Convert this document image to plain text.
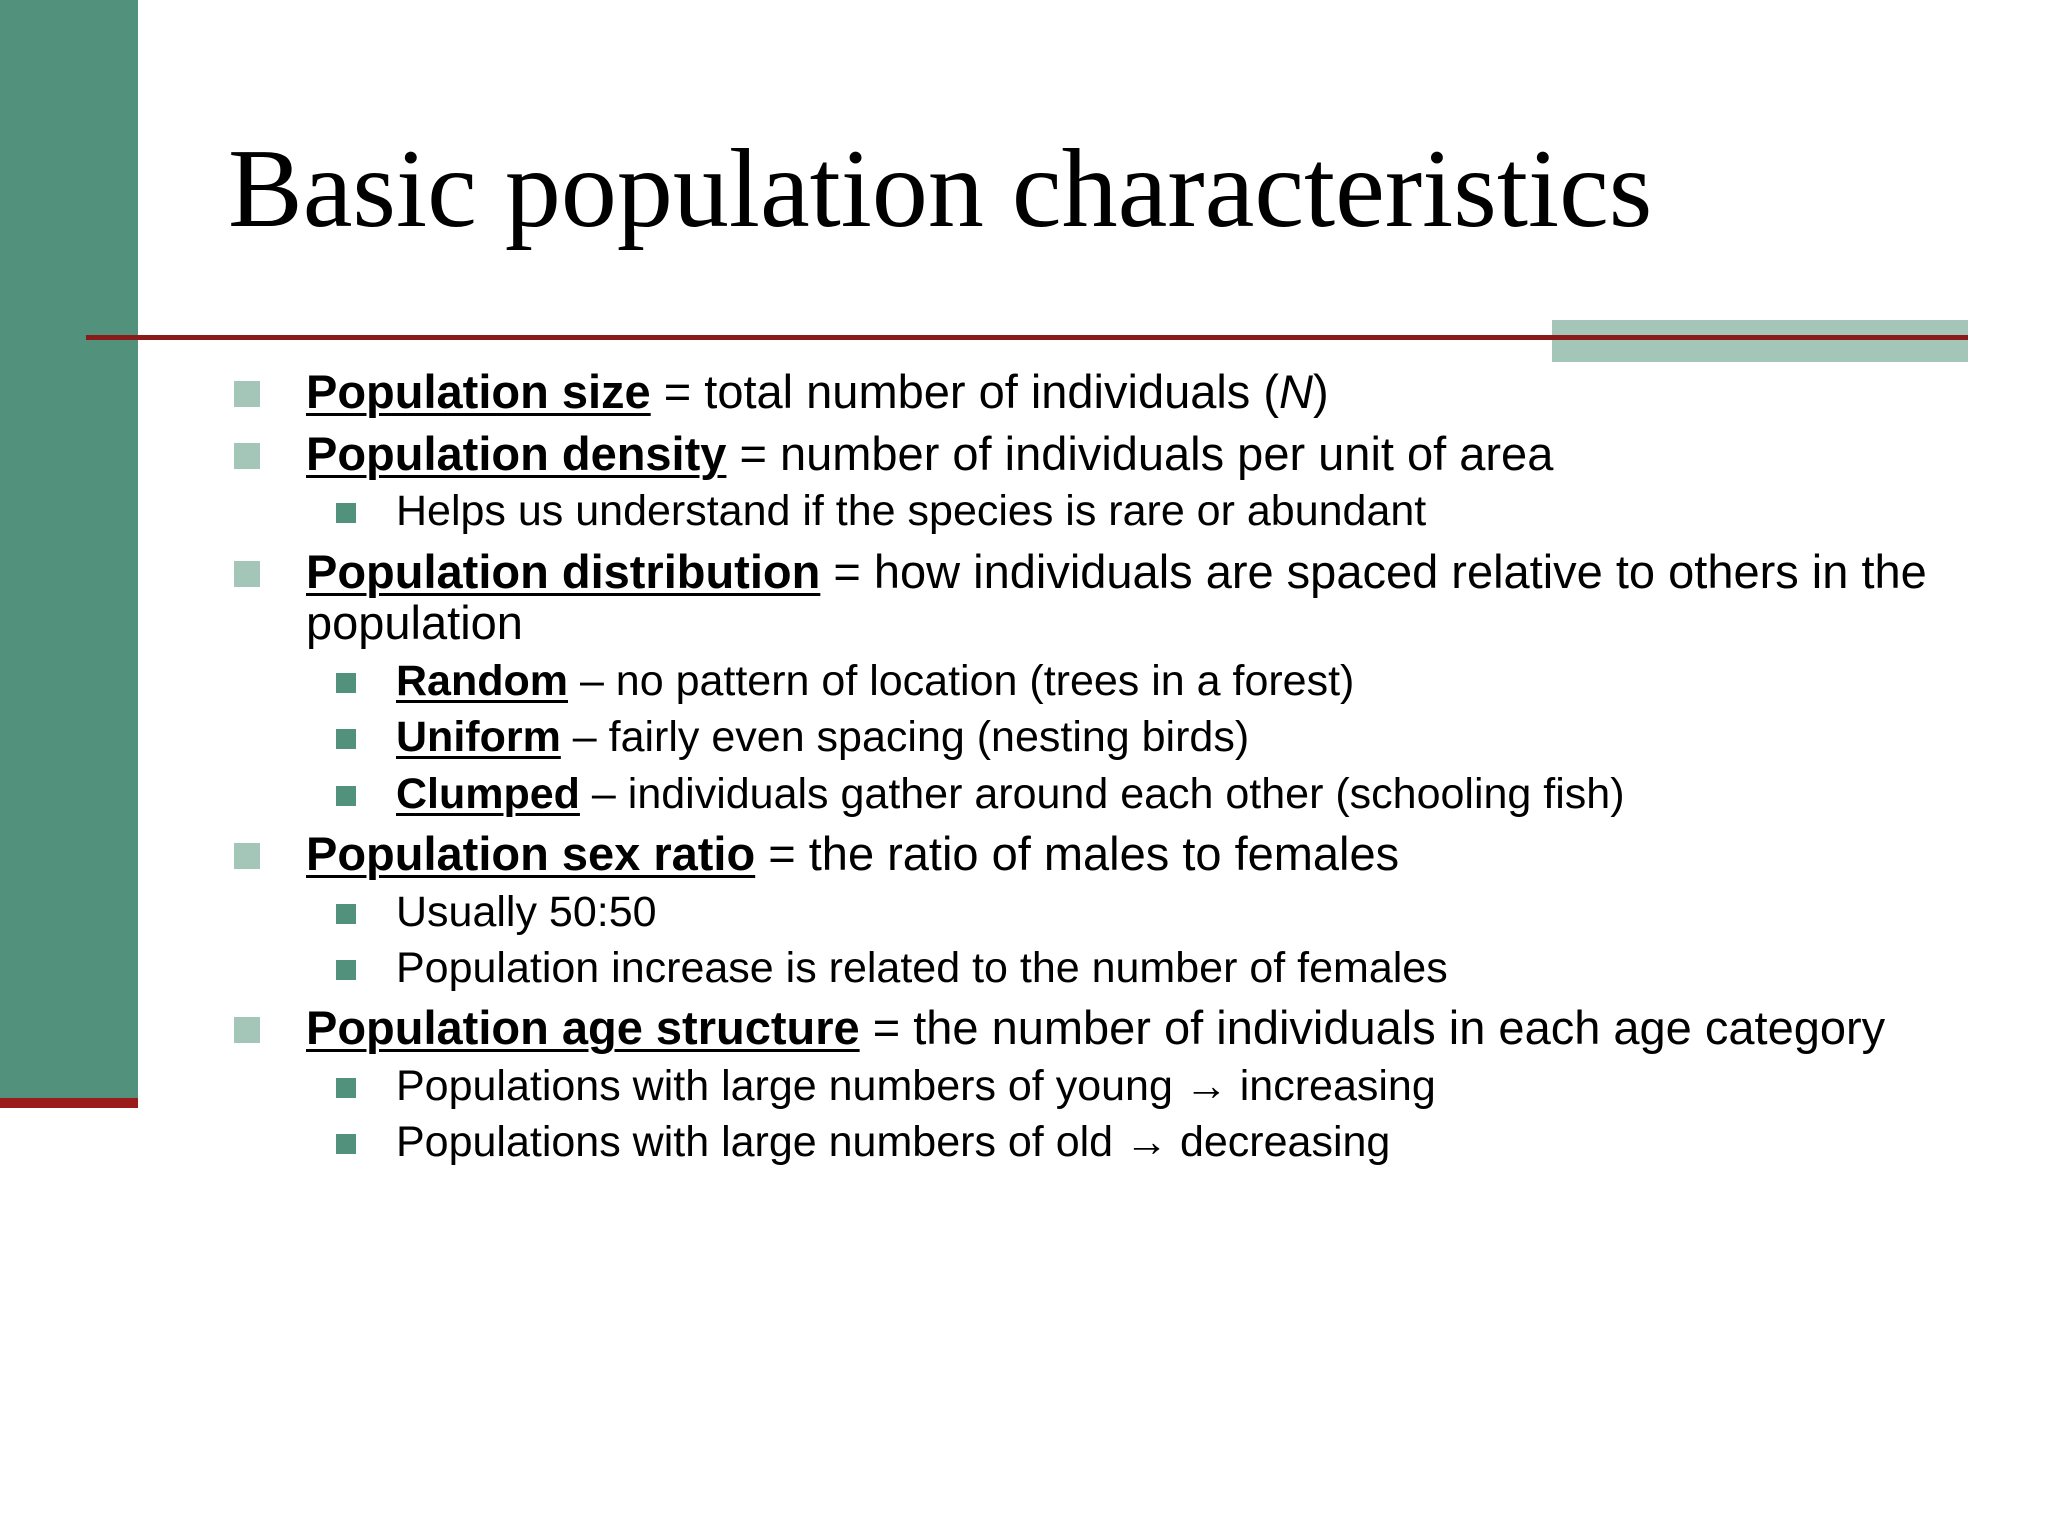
Basic population characteristics
Population size = total number of individuals (N)
Population density = number of individuals per unit of area
Helps us understand if the species is rare or abundant
Population distribution = how individuals are spaced relative to others in the population
Random – no pattern of location (trees in a forest)
Uniform – fairly even spacing (nesting birds)
Clumped – individuals gather around each other (schooling fish)
Population sex ratio = the ratio of males to females
Usually 50:50
Population increase is related to the number of females
Population age structure = the number of individuals in each age category
Populations with large numbers of young → increasing
Populations with large numbers of old → decreasing
